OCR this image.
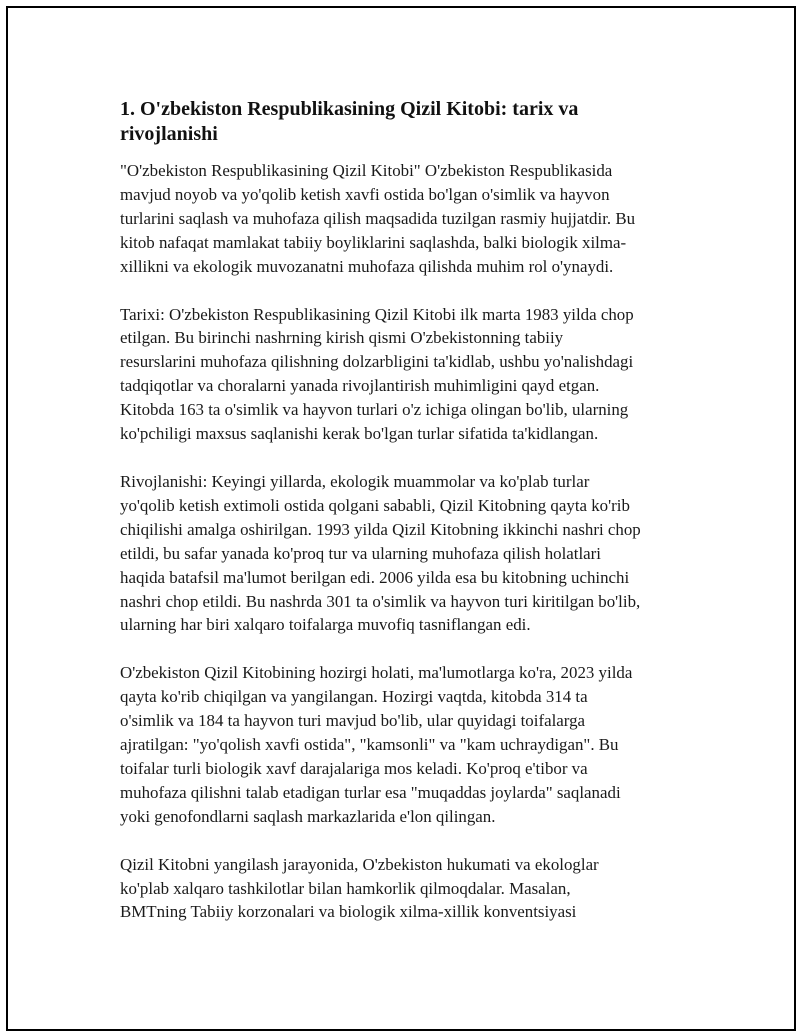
1. O'zbekiston Respublikasining Qizil Kitobi: tarix va
rivojlanishi

"O'zbekiston Respublikasining Qizil Kitobi" O'zbekiston Respublikasida
mavjud noyob va yo'qolib ketish xavfi ostida bo'lgan o'simlik va hayvon
turlarini saqlash va muhofaza qilish maqsadida tuzilgan rasmiy hujjatdir. Bu
kitob nafaqat mamlakat tabiiy boyliklarini saqlashda, balki biologik xilma-
xillikni va ekologik muvozanatni muhofaza qilishda muhim rol o'ynaydi.

Tarixi: O'zbekiston Respublikasining Qizil Kitobi ilk marta 1983 yilda chop
etilgan. Bu birinchi nashrning kirish qismi O'zbekistonning tabiiy
resurslarini muhofaza qilishning dolzarbligini ta'kidlab, ushbu yo'nalishdagi
tadqiqotlar va choralarni yanada rivojlantirish muhimligini qayd etgan.
Kitobda 163 ta o'simlik va hayvon turlari o'z ichiga olingan bo'lib, ularning
ko'pchiligi maxsus saqlanishi kerak bo'lgan turlar sifatida ta'kidlangan.

Rivojlanishi: Keyingi yillarda, ekologik muammolar va ko'plab turlar
yo'qolib ketish extimoli ostida qolgani sababli, Qizil Kitobning qayta ko'rib
chiqilishi amalga oshirilgan. 1993 yilda Qizil Kitobning ikkinchi nashri chop
etildi, bu safar yanada ko'proq tur va ularning muhofaza qilish holatlari
haqida batafsil ma'lumot berilgan edi. 2006 yilda esa bu kitobning uchinchi
nashri chop etildi. Bu nashrda 301 ta o'simlik va hayvon turi kiritilgan bo'lib,
ularning har biri xalqaro toifalarga muvofiq tasniflangan edi.

O'zbekiston Qizil Kitobining hozirgi holati, ma'lumotlarga ko'ra, 2023 yilda
qayta ko'rib chiqilgan va yangilangan. Hozirgi vaqtda, kitobda 314 ta
o'simlik va 184 ta hayvon turi mavjud bo'lib, ular quyidagi toifalarga
ajratilgan: "yo'qolish xavfi ostida", "kamsonli" va "kam uchraydigan". Bu
toifalar turli biologik xavf darajalariga mos keladi. Ko'proq e'tibor va
muhofaza qilishni talab etadigan turlar esa "muqaddas joylarda" saqlanadi
yoki genofondlarni saqlash markazlarida e'lon qilingan.

Qizil Kitobni yangilash jarayonida, O'zbekiston hukumati va ekologlar
ko'plab xalqaro tashkilotlar bilan hamkorlik qilmoqdalar. Masalan,
BMTning Tabiiy korzonalari va biologik xilma-xillik konventsiyasi
